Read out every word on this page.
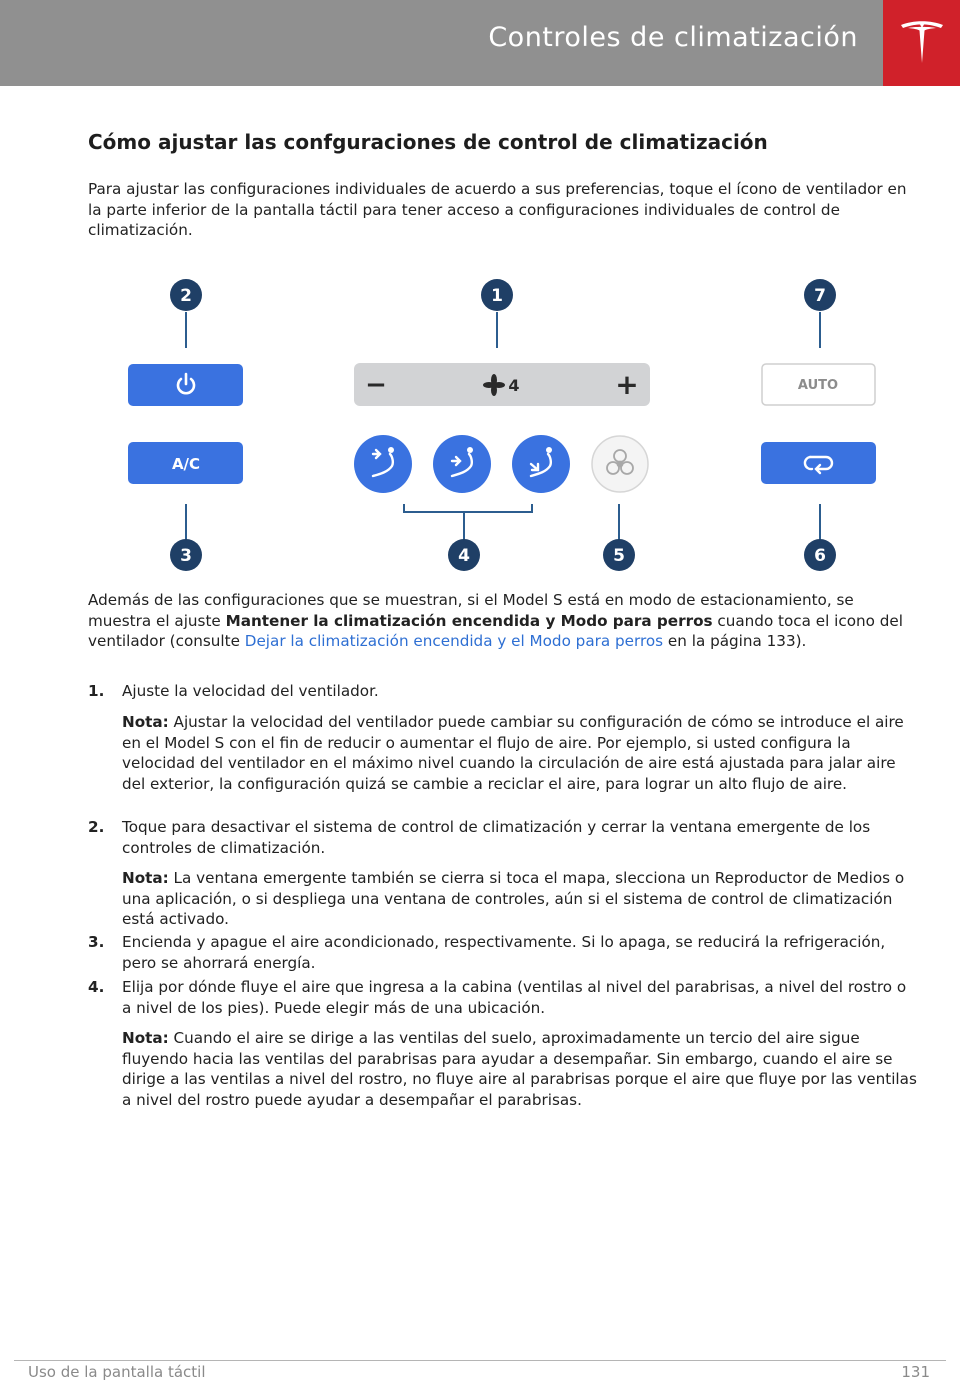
Controles de climatización
Cómo ajustar las confguraciones de control de climatización
Para ajustar las configuraciones individuales de acuerdo a sus preferencias, toque el ícono de ventilador en la parte inferior de la pantalla táctil para tener acceso a configuraciones individuales de control de climatización.
2	1	7
3	4	5	6
A/C
−	+
4	AUTO
Además de las configuraciones que se muestran, si el Model S está en modo de estacionamiento, se muestra el ajuste Mantener la climatización encendida y Modo para perros cuando toca el icono del ventilador (consulte Dejar la climatización encendida y el Modo para perros en la página 133).
1. Ajuste la velocidad del ventilador.
Nota: Ajustar la velocidad del ventilador puede cambiar su configuración de cómo se introduce el aire en el Model S con el fin de reducir o aumentar el flujo de aire. Por ejemplo, si usted configura la velocidad del ventilador en el máximo nivel cuando la circulación de aire está ajustada para jalar aire del exterior, la configuración quizá se cambie a reciclar el aire, para lograr un alto flujo de aire.
2. Toque para desactivar el sistema de control de climatización y cerrar la ventana emergente de los controles de climatización.
Nota: La ventana emergente también se cierra si toca el mapa, slecciona un Reproductor de Medios o una aplicación, o si despliega una ventana de controles, aún si el sistema de control de climatización está activado.
3. Encienda y apague el aire acondicionado, respectivamente. Si lo apaga, se reducirá la refrigeración, pero se ahorrará energía.
4. Elija por dónde fluye el aire que ingresa a la cabina (ventilas al nivel del parabrisas, a nivel del rostro o a nivel de los pies). Puede elegir más de una ubicación.
Nota: Cuando el aire se dirige a las ventilas del suelo, aproximadamente un tercio del aire sigue fluyendo hacia las ventilas del parabrisas para ayudar a desempañar. Sin embargo, cuando el aire se dirige a las ventilas a nivel del rostro, no fluye aire al parabrisas porque el aire que fluye por las ventilas a nivel del rostro puede ayudar a desempañar el parabrisas.
Uso de la pantalla táctil	131
